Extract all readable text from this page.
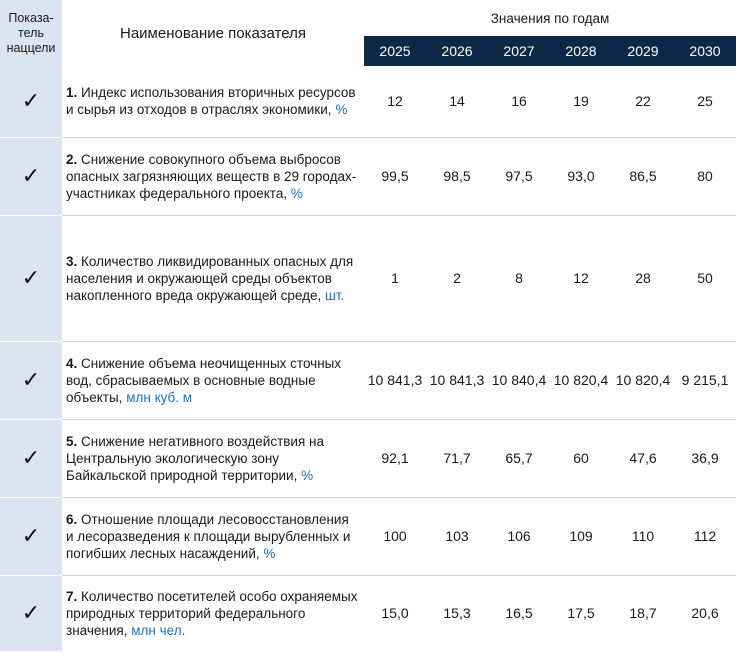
Показа-
тель
наццели	Наименование показателя	Значения по годам					
		2025	2026	2027	2028	2029	2030
✓	1. Индекс использования вторичных ресурсов и сырья из отходов в отраслях экономики, %	12	14	16	19	22	25
✓	2. Снижение совокупного объема выбросов опасных загрязняющих веществ в 29 городах-участниках федерального проекта, %	99,5	98,5	97,5	93,0	86,5	80
✓	3. Количество ликвидированных опасных для населения и окружающей среды объектов накопленного вреда окружающей среде, шт.	1	2	8	12	28	50
✓	4. Снижение объема неочищенных сточных вод, сбрасываемых в основные водные объекты, млн куб. м	10 841,3	10 841,3	10 840,4	10 820,4	10 820,4	9 215,1
✓	5. Снижение негативного воздействия на Центральную экологическую зону Байкальской природной территории, %	92,1	71,7	65,7	60	47,6	36,9
✓	6. Отношение площади лесовосстановления и лесоразведения к площади вырубленных и погибших лесных насаждений, %	100	103	106	109	110	112
✓	7. Количество посетителей особо охраняемых природных территорий федерального значения, млн чел.	15,0	15,3	16,5	17,5	18,7	20,6
